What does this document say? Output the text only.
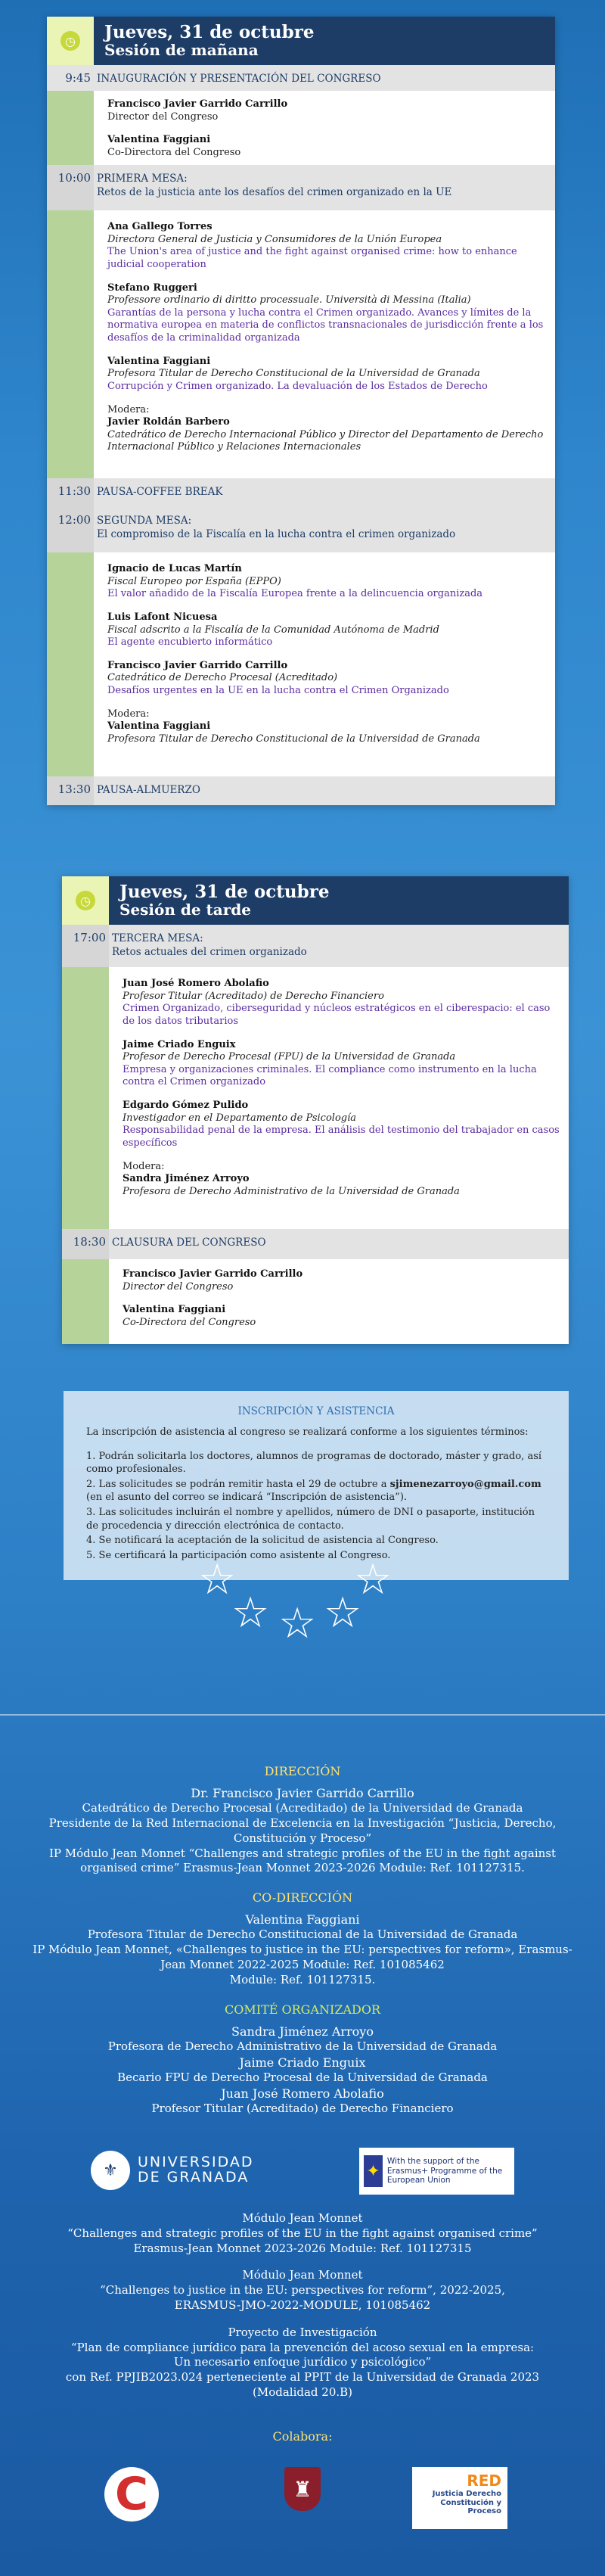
◷ Jueves, 31 de octubre
Sesión de mañana
9:45 INAUGURACIÓN Y PRESENTACIÓN DEL CONGRESO
Francisco Javier Garrido Carrillo
Director del Congreso
Valentina Faggiani
Co-Directora del Congreso
10:00 PRIMERA MESA:
Retos de la justicia ante los desafíos del crimen organizado en la UE
Ana Gallego Torres
Directora General de Justicia y Consumidores de la Unión Europea
The Union's area of justice and the fight against organised crime: how to enhance judicial cooperation
Stefano Ruggeri
Professore ordinario di diritto processuale. Università di Messina (Italia)
Garantías de la persona y lucha contra el Crimen organizado. Avances y límites de la normativa europea en materia de conflictos transnacionales de jurisdicción frente a los desafíos de la criminalidad organizada
Valentina Faggiani
Profesora Titular de Derecho Constitucional de la Universidad de Granada
Corrupción y Crimen organizado. La devaluación de los Estados de Derecho
Modera:
Javier Roldán Barbero
Catedrático de Derecho Internacional Público y Director del Departamento de Derecho Internacional Público y Relaciones Internacionales
11:30 PAUSA-COFFEE BREAK
12:00 SEGUNDA MESA:
El compromiso de la Fiscalía en la lucha contra el crimen organizado
Ignacio de Lucas Martín
Fiscal Europeo por España (EPPO)
El valor añadido de la Fiscalía Europea frente a la delincuencia organizada
Luis Lafont Nicuesa
Fiscal adscrito a la Fiscalía de la Comunidad Autónoma de Madrid
El agente encubierto informático
Francisco Javier Garrido Carrillo
Catedrático de Derecho Procesal (Acreditado)
Desafíos urgentes en la UE en la lucha contra el Crimen Organizado
Modera:
Valentina Faggiani
Profesora Titular de Derecho Constitucional de la Universidad de Granada
13:30 PAUSA-ALMUERZO
◷ Jueves, 31 de octubre
Sesión de tarde
17:00 TERCERA MESA:
Retos actuales del crimen organizado
Juan José Romero Abolafio
Profesor Titular (Acreditado) de Derecho Financiero
Crimen Organizado, ciberseguridad y núcleos estratégicos en el ciberespacio: el caso de los datos tributarios
Jaime Criado Enguix
Profesor de Derecho Procesal (FPU) de la Universidad de Granada
Empresa y organizaciones criminales. El compliance como instrumento en la lucha contra el Crimen organizado
Edgardo Gómez Pulido
Investigador en el Departamento de Psicología
Responsabilidad penal de la empresa. El análisis del testimonio del trabajador en casos específicos
Modera:
Sandra Jiménez Arroyo
Profesora de Derecho Administrativo de la Universidad de Granada
18:30 CLAUSURA DEL CONGRESO
Francisco Javier Garrido Carrillo
Director del Congreso
Valentina Faggiani
Co-Directora del Congreso
INSCRIPCIÓN Y ASISTENCIA

La inscripción de asistencia al congreso se realizará conforme a los siguientes términos:

1. Podrán solicitarla los doctores, alumnos de programas de doctorado, máster y grado, así como profesionales.

2. Las solicitudes se podrán remitir hasta el 29 de octubre a sjimenezarroyo@gmail.com (en el asunto del correo se indicará “Inscripción de asistencia”).

3. Las solicitudes incluirán el nombre y apellidos, número de DNI o pasaporte, institución de procedencia y dirección electrónica de contacto.

4. Se notificará la aceptación de la solicitud de asistencia al Congreso.

5. Se certificará la participación como asistente al Congreso.

☆
☆ ☆ ☆
☆
DIRECCIÓN
Dr. Francisco Javier Garrido Carrillo
Catedrático de Derecho Procesal (Acreditado) de la Universidad de Granada
Presidente de la Red Internacional de Excelencia en la Investigación “Justicia, Derecho, Constitución y Proceso”
IP Módulo Jean Monnet “Challenges and strategic profiles of the EU in the fight against organised crime” Erasmus-Jean Monnet 2023-2026 Module: Ref. 101127315.
CO-DIRECCIÓN
Valentina Faggiani
Profesora Titular de Derecho Constitucional de la Universidad de Granada
IP Módulo Jean Monnet, «Challenges to justice in the EU: perspectives for reform», Erasmus-Jean Monnet 2022-2025 Module: Ref. 101085462
Module: Ref. 101127315.
COMITÉ ORGANIZADOR
Sandra Jiménez Arroyo
Profesora de Derecho Administrativo de la Universidad de Granada
Jaime Criado Enguix
Becario FPU de Derecho Procesal de la Universidad de Granada
Juan José Romero Abolafio
Profesor Titular (Acreditado) de Derecho Financiero
⚜	UNIVERSIDAD
DE GRANADA	✦
With the support of the Erasmus+ Programme of the European Union
Módulo Jean Monnet
“Challenges and strategic profiles of the EU in the fight against organised crime”
Erasmus-Jean Monnet 2023-2026 Module: Ref. 101127315
Módulo Jean Monnet
“Challenges to justice in the EU: perspectives for reform”, 2022-2025,
ERASMUS-JMO-2022-MODULE, 101085462
Proyecto de Investigación
“Plan de compliance jurídico para la prevención del acoso sexual en la empresa:
Un necesario enfoque jurídico y psicológico”
con Ref. PPJIB2023.024 perteneciente al PPIT de la Universidad de Granada 2023
(Modalidad 20.B)
Colabora:
C	♜	RED
Justicia Derecho Constitución y Proceso
